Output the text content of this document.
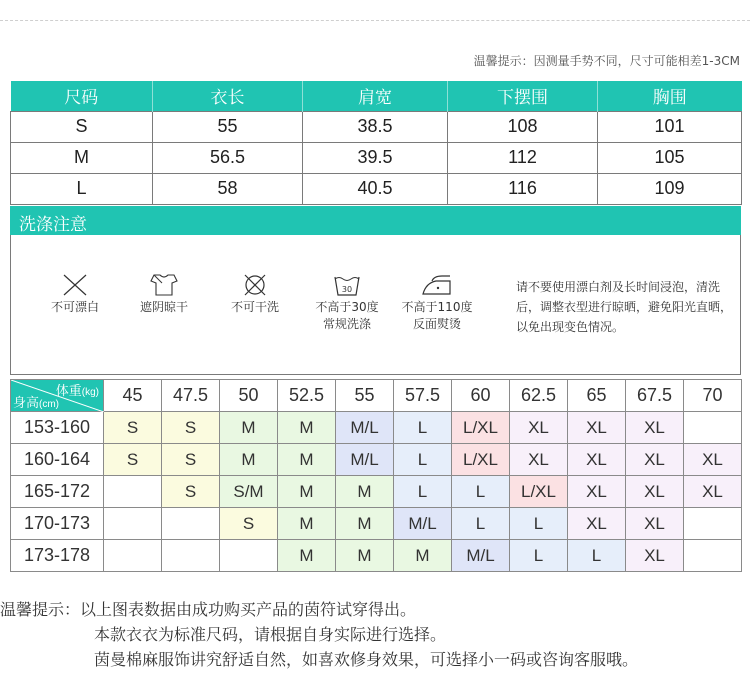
温馨提示：因测量手势不同，尺寸可能相差1-3CM
尺码	衣长	肩宽	下摆围	胸围
S	55	38.5	108	101
M	56.5	39.5	112	105
L	58	40.5	116	109
洗涤注意
不可漂白	遮阴晾干	不可干洗
30
不高于30度
常规洗涤
不高于110度
反面熨烫
请不要使用漂白剂及长时间浸泡，清洗后，调整衣型进行晾晒，避免阳光直晒，以免出现变色情况。
体重(kg)
身高(cm)	45	47.5	50	52.5	55	57.5	60	62.5	65	67.5	70
153-160	S	S	M	M	M/L	L	L/XL	XL	XL	XL	
160-164	S	S	M	M	M/L	L	L/XL	XL	XL	XL	XL
165-172		S	S/M	M	M	L	L	L/XL	XL	XL	XL
170-173			S	M	M	M/L	L	L	XL	XL	
173-178				M	M	M	M/L	L	L	XL	
温馨提示：以上图表数据由成功购买产品的茵符试穿得出。
本款衣衣为标准尺码，请根据自身实际进行选择。
茵曼棉麻服饰讲究舒适自然，如喜欢修身效果，可选择小一码或咨询客服哦。
